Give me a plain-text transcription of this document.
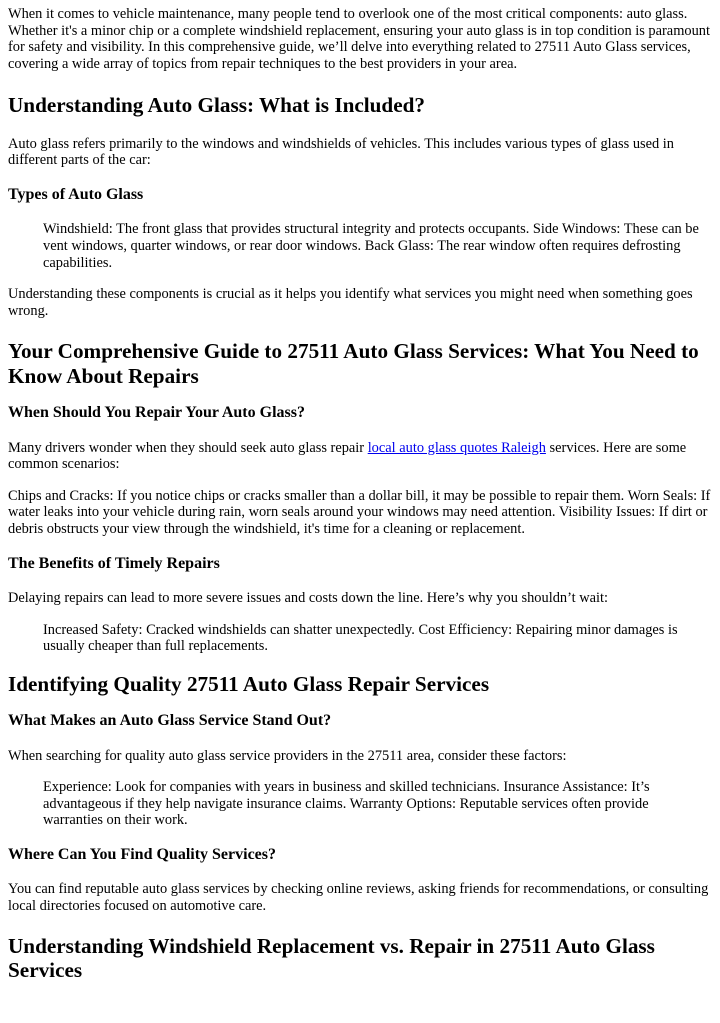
When it comes to vehicle maintenance, many people tend to overlook one of the most critical components: auto glass. Whether it's a minor chip or a complete windshield replacement, ensuring your auto glass is in top condition is paramount for safety and visibility. In this comprehensive guide, we’ll delve into everything related to 27511 Auto Glass services, covering a wide array of topics from repair techniques to the best providers in your area.

Understanding Auto Glass: What is Included?

Auto glass refers primarily to the windows and windshields of vehicles. This includes various types of glass used in different parts of the car:

Types of Auto Glass

Windshield: The front glass that provides structural integrity and protects occupants. Side Windows: These can be vent windows, quarter windows, or rear door windows. Back Glass: The rear window often requires defrosting capabilities.

Understanding these components is crucial as it helps you identify what services you might need when something goes wrong.

Your Comprehensive Guide to 27511 Auto Glass Services: What You Need to Know About Repairs
When Should You Repair Your Auto Glass?

Many drivers wonder when they should seek auto glass repair local auto glass quotes Raleigh services. Here are some common scenarios:

Chips and Cracks: If you notice chips or cracks smaller than a dollar bill, it may be possible to repair them. Worn Seals: If water leaks into your vehicle during rain, worn seals around your windows may need attention. Visibility Issues: If dirt or debris obstructs your view through the windshield, it's time for a cleaning or replacement.

The Benefits of Timely Repairs

Delaying repairs can lead to more severe issues and costs down the line. Here’s why you shouldn’t wait:

Increased Safety: Cracked windshields can shatter unexpectedly. Cost Efficiency: Repairing minor damages is usually cheaper than full replacements.

Identifying Quality 27511 Auto Glass Repair Services
What Makes an Auto Glass Service Stand Out?

When searching for quality auto glass service providers in the 27511 area, consider these factors:

Experience: Look for companies with years in business and skilled technicians. Insurance Assistance: It’s advantageous if they help navigate insurance claims. Warranty Options: Reputable services often provide warranties on their work.

Where Can You Find Quality Services?

You can find reputable auto glass services by checking online reviews, asking friends for recommendations, or consulting local directories focused on automotive care.

Understanding Windshield Replacement vs. Repair in 27511 Auto Glass Services
